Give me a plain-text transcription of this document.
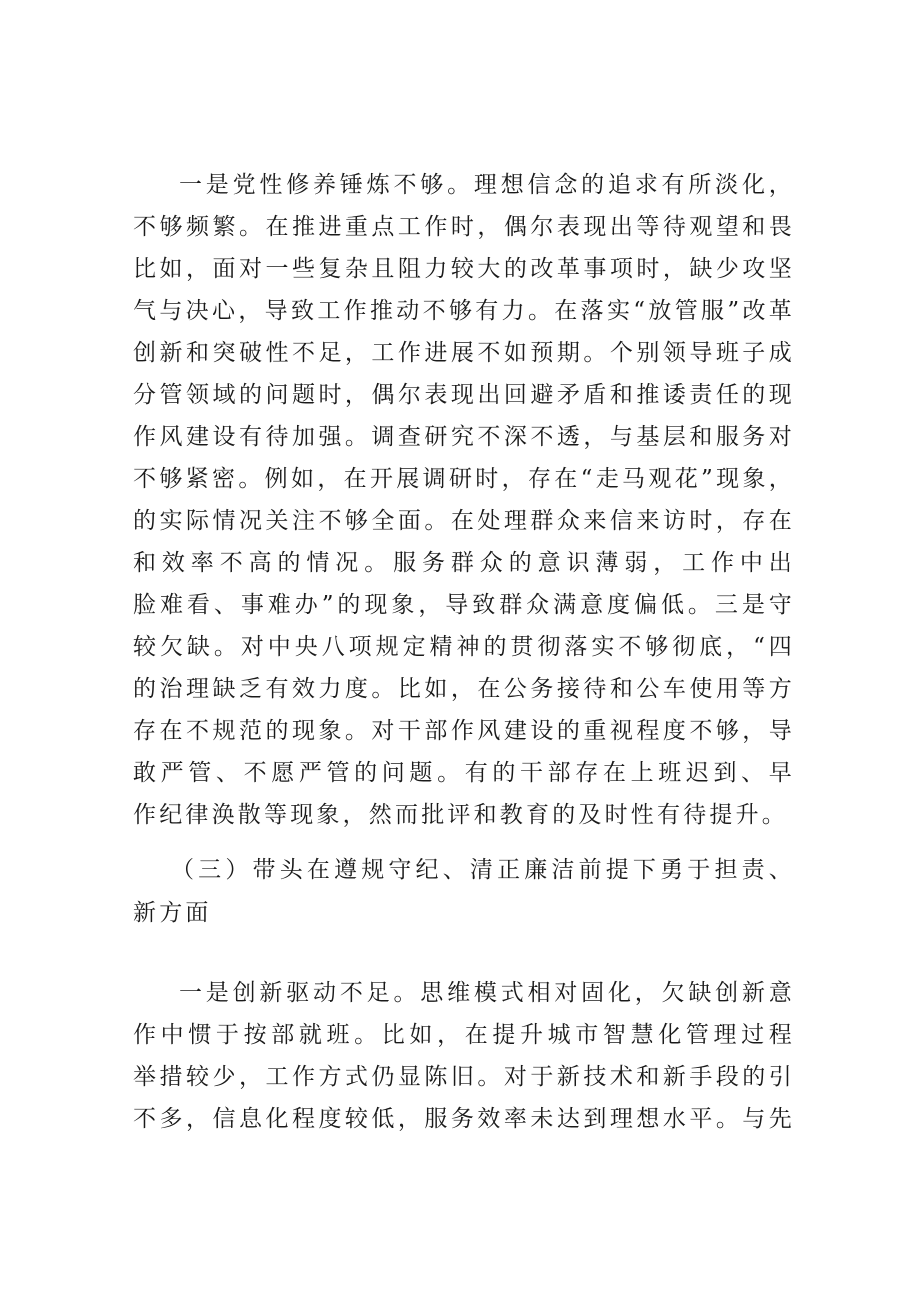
一是党性修养锤炼不够。理想信念的追求有所淡化，
不够频繁。在推进重点工作时，偶尔表现出等待观望和畏
比如，面对一些复杂且阻力较大的改革事项时，缺少攻坚
气与决心，导致工作推动不够有力。在落实“放管服”改革
创新和突破性不足，工作进展不如预期。个别领导班子成
分管领域的问题时，偶尔表现出回避矛盾和推诿责任的现
作风建设有待加强。调查研究不深不透，与基层和服务对
不够紧密。例如，在开展调研时，存在“走马观花”现象，
的实际情况关注不够全面。在处理群众来信来访时，存在
和效率不高的情况。服务群众的意识薄弱，工作中出
脸难看、事难办”的现象，导致群众满意度偏低。三是守
较欠缺。对中央八项规定精神的贯彻落实不够彻底，“四
的治理缺乏有效力度。比如，在公务接待和公车使用等方
存在不规范的现象。对干部作风建设的重视程度不够，导
敢严管、不愿严管的问题。有的干部存在上班迟到、早
作纪律涣散等现象，然而批评和教育的及时性有待提升。
（三）带头在遵规守纪、清正廉洁前提下勇于担责、
新方面
一是创新驱动不足。思维模式相对固化，欠缺创新意
作中惯于按部就班。比如，在提升城市智慧化管理过程
举措较少，工作方式仍显陈旧。对于新技术和新手段的引
不多，信息化程度较低，服务效率未达到理想水平。与先
